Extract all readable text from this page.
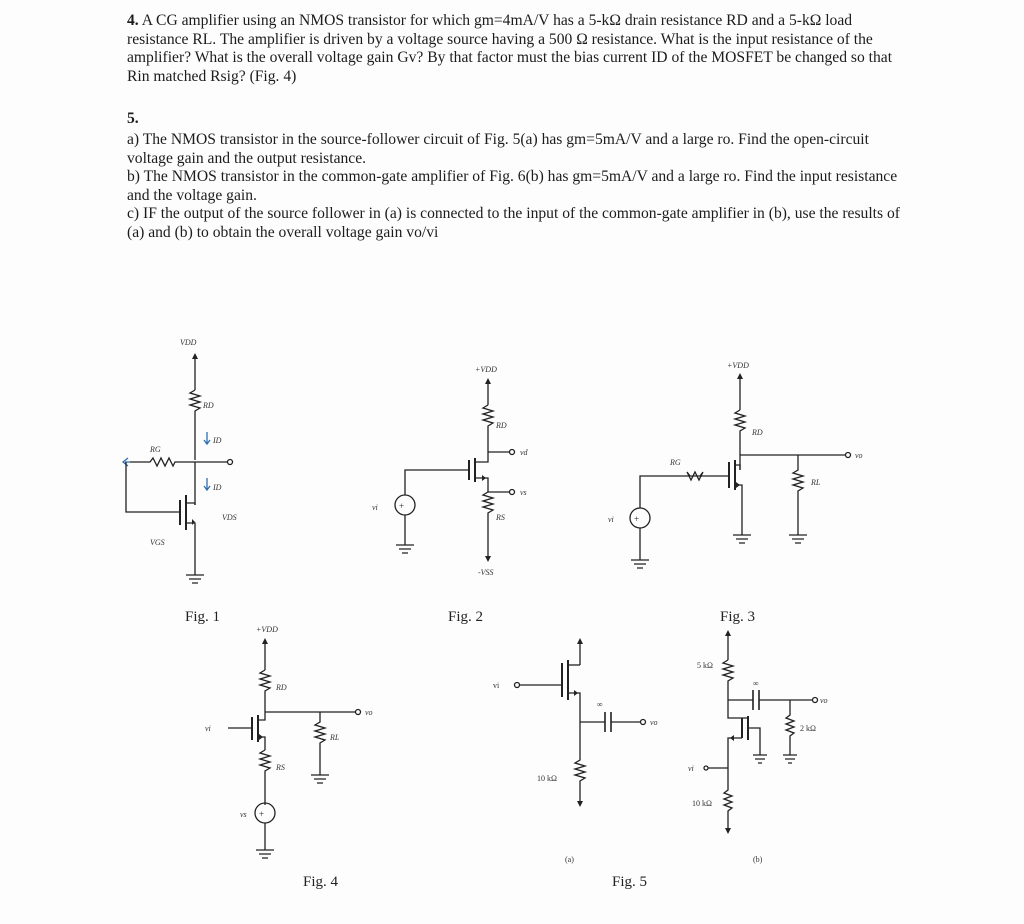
4. A CG amplifier using an NMOS transistor for which gm=4mA/V has a 5-kΩ drain resistance RD and a 5-kΩ load resistance RL. The amplifier is driven by a voltage source having a 500 Ω resistance. What is the input resistance of the amplifier? What is the overall voltage gain Gv? By that factor must the bias current ID of the MOSFET be changed so that Rin matched Rsig? (Fig. 4)

5.

a) The NMOS transistor in the source-follower circuit of Fig. 5(a) has gm=5mA/V and a large ro. Find the open-circuit voltage gain and the output resistance.

b) The NMOS transistor in the common-gate amplifier of Fig. 6(b) has gm=5mA/V and a large ro. Find the input resistance and the voltage gain.

c) IF the output of the source follower in (a) is connected to the input of the common-gate amplifier in (b), use the results of (a) and (b) to obtain the overall voltage gain vo/vi

VDD
RD
ID
RG
ID
VGS
VDS
Fig. 1
+
+VDD
RD
vd
vi
RS
vs
-VSS
Fig. 2
+
+VDD
RD
RG
RL
vi
vo
Fig. 3
+
+VDD
RD
vo
vs
RL
RS
vi
Fig. 4
vi
∞
vo
10 kΩ
(a)
Fig. 5
5 kΩ
∞
vo
vi
2 kΩ
10 kΩ
(b)
